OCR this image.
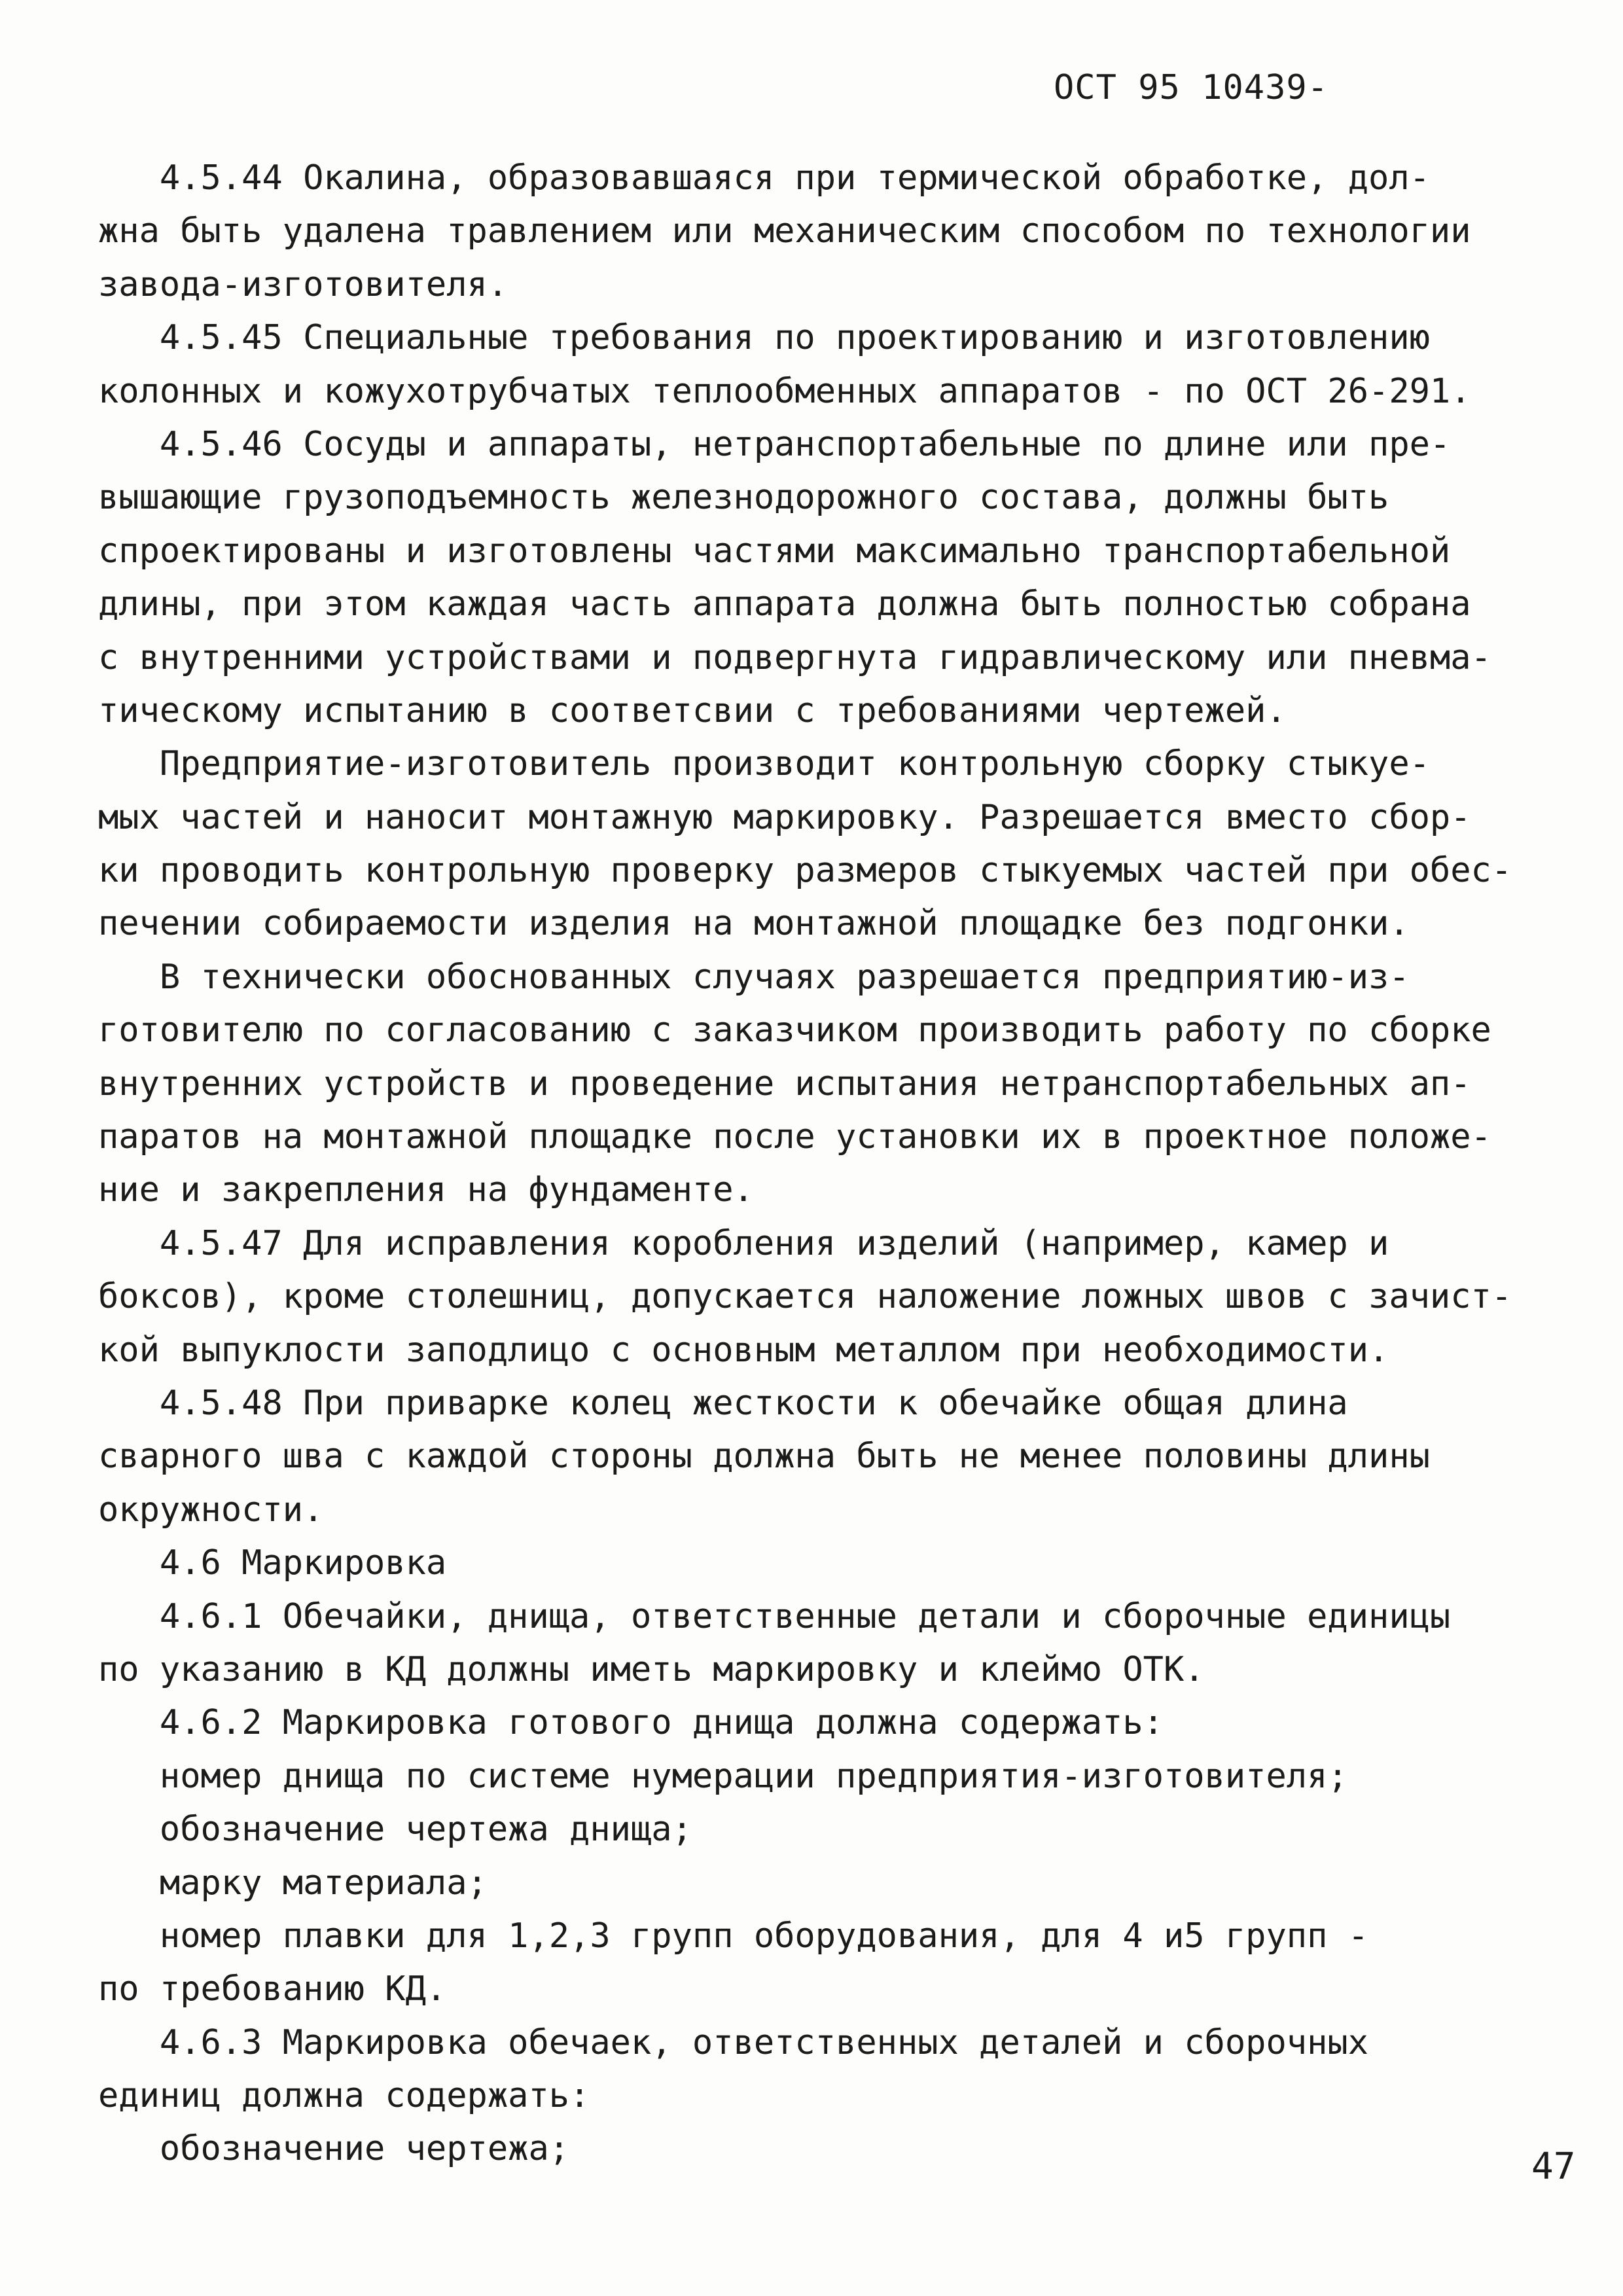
ОСТ 95 10439-
4.5.44 Окалина, образовавшаяся при термической обработке, дол-
жна быть удалена травлением или механическим способом по технологии
завода-изготовителя.
4.5.45 Специальные требования по проектированию и изготовлению
колонных и кожухотрубчатых теплообменных аппаратов - по ОСТ 26-291.
4.5.46 Сосуды и аппараты, нетранспортабельные по длине или пре-
вышающие грузоподъемность железнодорожного состава, должны быть
спроектированы и изготовлены частями максимально транспортабельной
длины, при этом каждая часть аппарата должна быть полностью собрана
с внутренними устройствами и подвергнута гидравлическому или пневма-
тическому испытанию в соответсвии с требованиями чертежей.
Предприятие-изготовитель производит контрольную сборку стыкуе-
мых частей и наносит монтажную маркировку. Разрешается вместо сбор-
ки проводить контрольную проверку размеров стыкуемых частей при обес-
печении собираемости изделия на монтажной площадке без подгонки.
В технически обоснованных случаях разрешается предприятию-из-
готовителю по согласованию с заказчиком производить работу по сборке
внутренних устройств и проведение испытания нетранспортабельных ап-
паратов на монтажной площадке после установки их в проектное положе-
ние и закрепления на фундаменте.
4.5.47 Для исправления коробления изделий (например, камер и
боксов), кроме столешниц, допускается наложение ложных швов с зачист-
кой выпуклости заподлицо с основным металлом при необходимости.
4.5.48 При приварке колец жесткости к обечайке общая длина
сварного шва с каждой стороны должна быть не менее половины длины
окружности.
4.6 Маркировка
4.6.1 Обечайки, днища, ответственные детали и сборочные единицы
по указанию в КД должны иметь маркировку и клеймо ОТК.
4.6.2 Маркировка готового днища должна содержать:
номер днища по системе нумерации предприятия-изготовителя;
обозначение чертежа днища;
марку материала;
номер плавки для 1,2,3 групп оборудования, для 4 и5 групп -
по требованию КД.
4.6.3 Маркировка обечаек, ответственных деталей и сборочных
единиц должна содержать:
обозначение чертежа;	47
